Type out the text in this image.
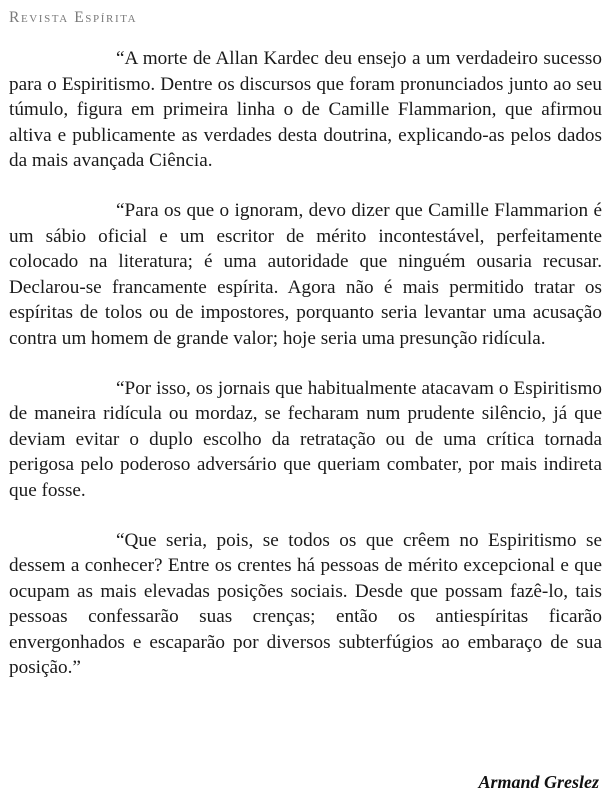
Revista Espírita
“A morte de Allan Kardec deu ensejo a um verdadeiro sucesso para o Espiritismo. Dentre os discursos que foram pronunciados junto ao seu túmulo, figura em primeira linha o de Camille Flammarion, que afirmou altiva e publicamente as verdades desta doutrina, explicando-as pelos dados da mais avançada Ciência.
“Para os que o ignoram, devo dizer que Camille Flammarion é um sábio oficial e um escritor de mérito incontestável, perfeitamente colocado na literatura; é uma autoridade que ninguém ousaria recusar. Declarou-se francamente espírita. Agora não é mais permitido tratar os espíritas de tolos ou de impostores, porquanto seria levantar uma acusação contra um homem de grande valor; hoje seria uma presunção ridícula.
“Por isso, os jornais que habitualmente atacavam o Espiritismo de maneira ridícula ou mordaz, se fecharam num prudente silêncio, já que deviam evitar o duplo escolho da retratação ou de uma crítica tornada perigosa pelo poderoso adversário que queriam combater, por mais indireta que fosse.
“Que seria, pois, se todos os que crêem no Espiritismo se dessem a conhecer? Entre os crentes há pessoas de mérito excepcional e que ocupam as mais elevadas posições sociais. Desde que possam fazê-lo, tais pessoas confessarão suas crenças; então os antiespíritas ficarão envergonhados e escaparão por diversos subterfúgios ao embaraço de sua posição.”
Armand Greslez
